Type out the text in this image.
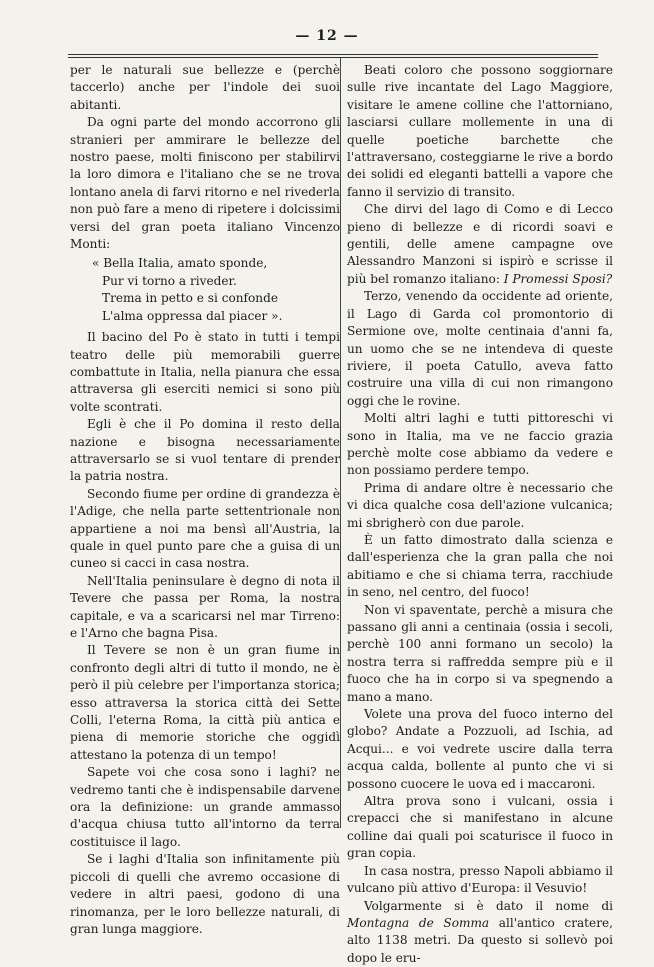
— 12 —

per le naturali sue bellezze e (perchè taccerlo) anche per l'indole dei suoi abitanti.

Da ogni parte del mondo accorrono gli stranieri per ammirare le bellezze del nostro paese, molti finiscono per stabilirvi la loro dimora e l'italiano che se ne trova lontano anela di farvi ritorno e nel rivederla non può fare a meno di ripetere i dolcissimi versi del gran poeta italiano Vincenzo Monti:

« Bella Italia, amato sponde,
Pur vi torno a riveder.
Trema in petto e si confonde
L'alma oppressa dal piacer ».

Il bacino del Po è stato in tutti i tempi teatro delle più memorabili guerre combattute in Italia, nella pianura che essa attraversa gli eserciti nemici si sono più volte scontrati.

Egli è che il Po domina il resto della nazione e bisogna necessariamente attraversarlo se si vuol tentare di prender la patria nostra.

Secondo fiume per ordine di grandezza è l'Adige, che nella parte settentrionale non appartiene a noi ma bensì all'Austria, la quale in quel punto pare che a guisa di un cuneo si cacci in casa nostra.

Nell'Italia peninsulare è degno di nota il Tevere che passa per Roma, la nostra capitale, e va a scaricarsi nel mar Tirreno: e l'Arno che bagna Pisa.

Il Tevere se non è un gran fiume in confronto degli altri di tutto il mondo, ne è però il più celebre per l'importanza storica; esso attraversa la storica città dei Sette Colli, l'eterna Roma, la città più antica e piena di memorie storiche che oggidì attestano la potenza di un tempo!

Sapete voi che cosa sono i laghi? ne vedremo tanti che è indispensabile darvene ora la definizione: un grande ammasso d'acqua chiusa tutto all'intorno da terra costituisce il lago.

Se i laghi d'Italia son infinitamente più piccoli di quelli che avremo occasione di vedere in altri paesi, godono di una rinomanza, per le loro bellezze naturali, di gran lunga maggiore.

Beati coloro che possono soggiornare sulle rive incantate del Lago Maggiore, visitare le amene colline che l'attorniano, lasciarsi cullare mollemente in una di quelle poetiche barchette che l'attraversano, costeggiarne le rive a bordo dei solidi ed eleganti battelli a vapore che fanno il servizio di transito.

Che dirvi del lago di Como e di Lecco pieno di bellezze e di ricordi soavi e gentili, delle amene campagne ove Alessandro Manzoni si ispirò e scrisse il più bel romanzo italiano: I Promessi Sposi?

Terzo, venendo da occidente ad oriente, il Lago di Garda col promontorio di Sermione ove, molte centinaia d'anni fa, un uomo che se ne intendeva di queste riviere, il poeta Catullo, aveva fatto costruire una villa di cui non rimangono oggi che le rovine.

Molti altri laghi e tutti pittoreschi vi sono in Italia, ma ve ne faccio grazia perchè molte cose abbiamo da vedere e non possiamo perdere tempo.

Prima di andare oltre è necessario che vi dica qualche cosa dell'azione vulcanica; mi sbrigherò con due parole.

È un fatto dimostrato dalla scienza e dall'esperienza che la gran palla che noi abitiamo e che si chiama terra, racchiude in seno, nel centro, del fuoco!

Non vi spaventate, perchè a misura che passano gli anni a centinaia (ossia i secoli, perchè 100 anni formano un secolo) la nostra terra si raffredda sempre più e il fuoco che ha in corpo si va spegnendo a mano a mano.

Volete una prova del fuoco interno del globo? Andate a Pozzuoli, ad Ischia, ad Acqui... e voi vedrete uscire dalla terra acqua calda, bollente al punto che vi si possono cuocere le uova ed i maccaroni.

Altra prova sono i vulcani, ossia i crepacci che si manifestano in alcune colline dai quali poi scaturisce il fuoco in gran copia.

In casa nostra, presso Napoli abbiamo il vulcano più attivo d'Europa: il Vesuvio!

Volgarmente si è dato il nome di Montagna de Somma all'antico cratere, alto 1138 metri. Da questo si sollevò poi dopo le eru-
